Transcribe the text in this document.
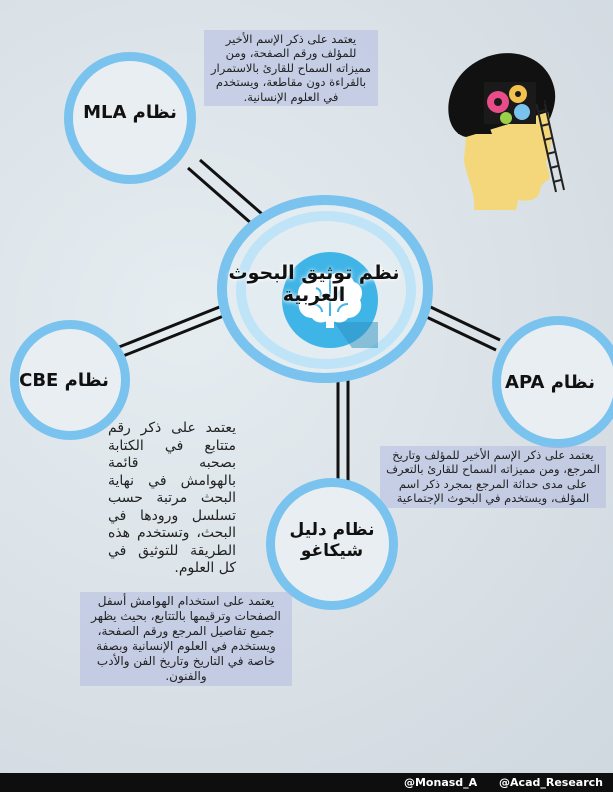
نظام MLA
يعتمد على ذكر الإسم الأخير للمؤلف ورقم الصفحة، ومن مميزاته السماح للقارئ بالاستمرار بالقراءة دون مقاطعة، ويستخدم في العلوم الإنسانية.
نظم توثيق البحوث العربية
نظام CBE
يعتمد على ذكر رقم متتابع في الكتابة بصحبه قائمة بالهوامش في نهاية البحث مرتبة حسب تسلسل ورودها في البحث، وتستخدم هذه الطريقة للتوثيق في كل العلوم.
نظام APA
يعتمد على ذكر الإسم الأخير للمؤلف وتاريخ المرجع، ومن مميزاته السماح للقارئ بالتعرف على مدى حداثة المرجع بمجرد ذكر اسم المؤلف، ويستخدم في البحوث الإجتماعية
نظام دليل
شيكاغو
يعتمد على استخدام الهوامش أسفل الصفحات وترقيمها بالتتابع، بحيث يظهر جميع تفاصيل المرجع ورقم الصفحة، ويستخدم في العلوم الإنسانية وبصفة خاصة في التاريخ وتاريخ الفن والأدب والفنون.
@Monasd_A @Acad_Research
